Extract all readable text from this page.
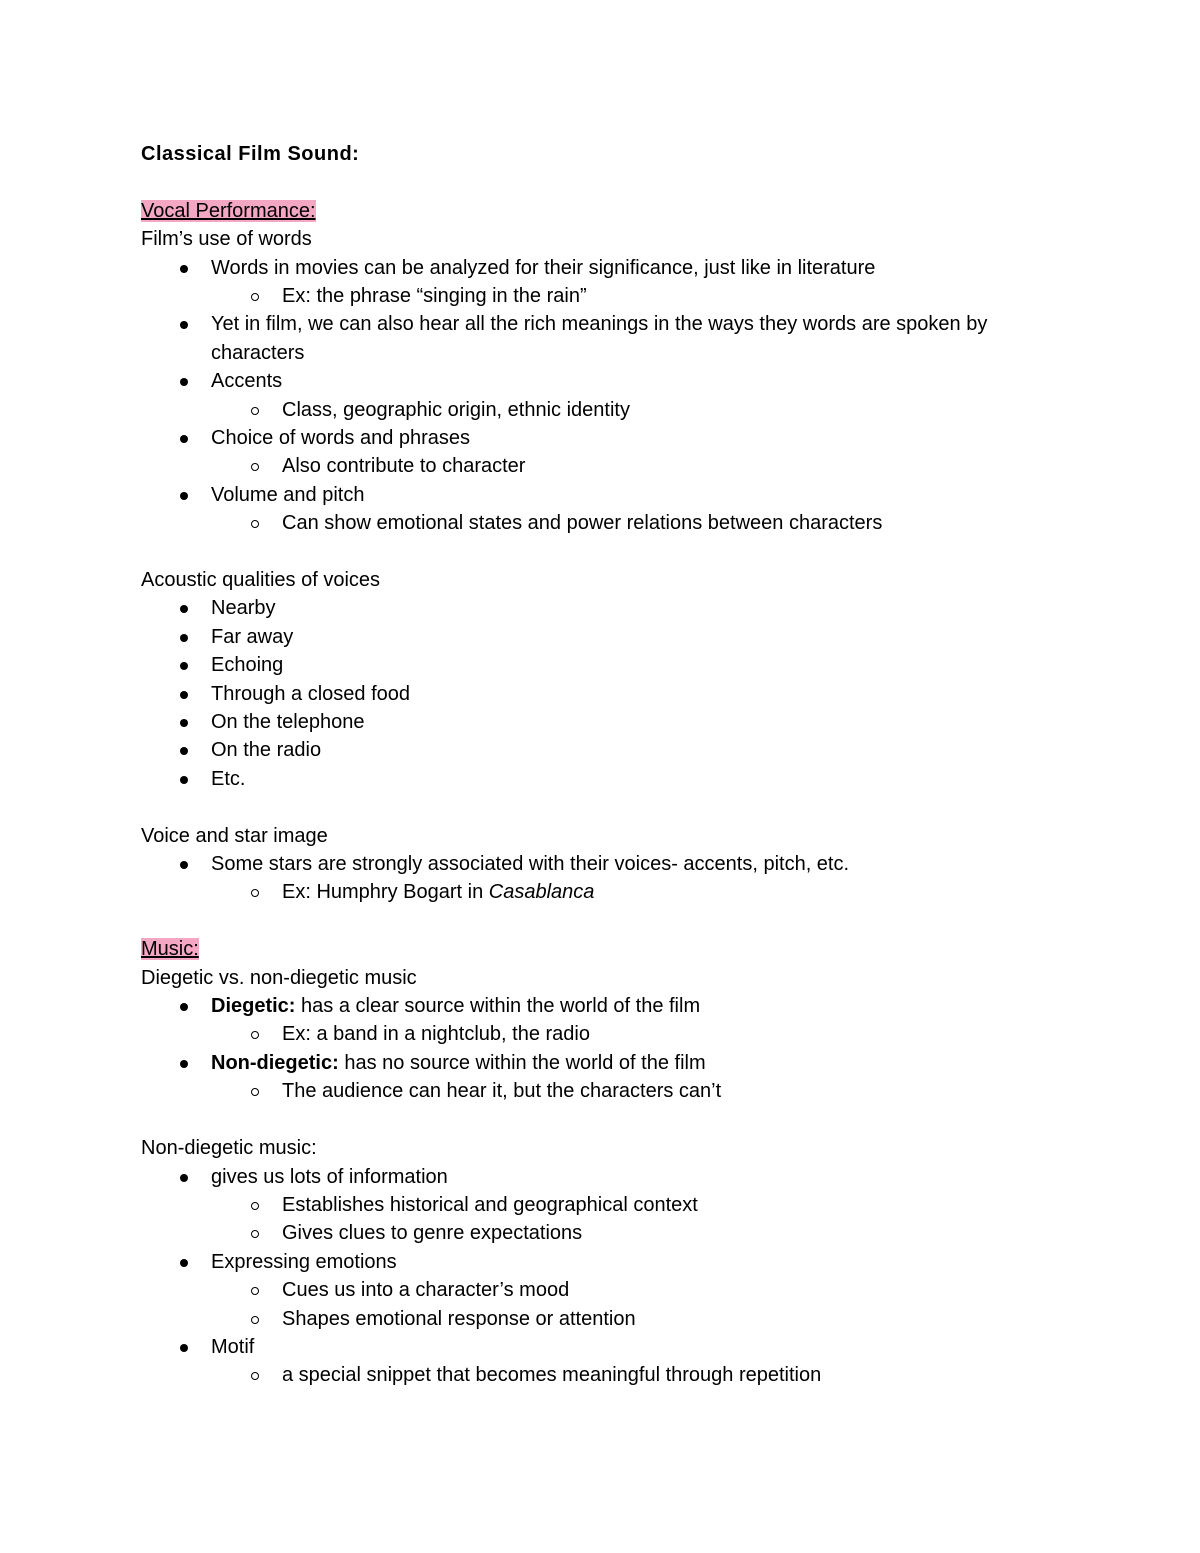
Classical Film Sound:

Vocal Performance:

Film’s use of words

Words in movies can be analyzed for their significance, just like in literature
Ex: the phrase “singing in the rain”
Yet in film, we can also hear all the rich meanings in the ways they words are spoken by characters
Accents
Class, geographic origin, ethnic identity
Choice of words and phrases
Also contribute to character
Volume and pitch
Can show emotional states and power relations between characters

Acoustic qualities of voices

Nearby
Far away
Echoing
Through a closed food
On the telephone
On the radio
Etc.

Voice and star image

Some stars are strongly associated with their voices- accents, pitch, etc.
Ex: Humphry Bogart in Casablanca

Music:

Diegetic vs. non-diegetic music

Diegetic: has a clear source within the world of the film
Ex: a band in a nightclub, the radio
Non-diegetic: has no source within the world of the film
The audience can hear it, but the characters can’t

Non-diegetic music:

gives us lots of information
Establishes historical and geographical context
Gives clues to genre expectations
Expressing emotions
Cues us into a character’s mood
Shapes emotional response or attention
Motif
a special snippet that becomes meaningful through repetition
